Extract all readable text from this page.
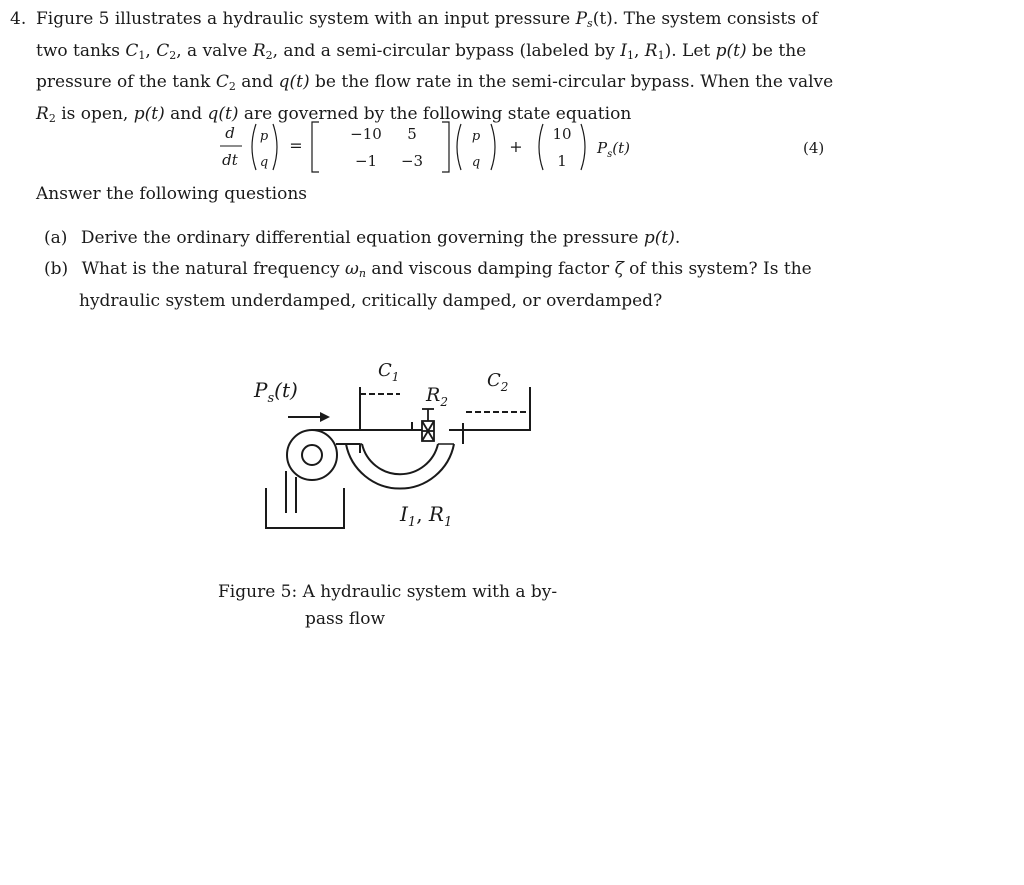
4. Figure 5 illustrates a hydraulic system with an input pressure $P_s(t)$. The system consists of
two tanks $C_1$, $C_2$, a valve $R_2$, and a semi-circular bypass (labeled by $I_1$, $R_1$). Let p(t) be the
pressure of the tank $C_2$ and q(t) be the flow rate in the semi-circular bypass. When the valve
$R_2$ is open, p(t) and q(t) are governed by the following state equation
d
dt
p
q
=
−10 5
−1 −3
p
q
+
10
1
$P_s(t)$	(4)
Answer the following questions
(a) Derive the ordinary differential equation governing the pressure p(t).
(b) What is the natural frequency $\omega_n$ and viscous damping factor ζ of this system? Is the
hydraulic system underdamped, critically damped, or overdamped?
$P_s(t)$
$C_1$
$R_2$
$C_2$
$I_1$, $R_1$
Figure 5: A hydraulic system with a by-
pass flow
